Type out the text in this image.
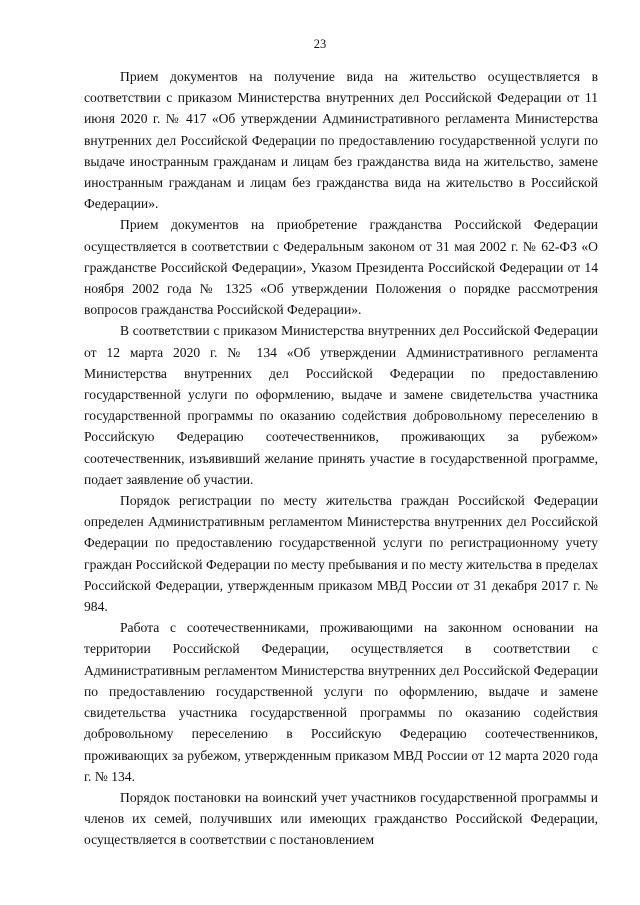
23

Прием документов на получение вида на жительство осуществляется в соответствии с приказом Министерства внутренних дел Российской Федерации от 11 июня 2020 г. № 417 «Об утверждении Административного регламента Министерства внутренних дел Российской Федерации по предоставлению государственной услуги по выдаче иностранным гражданам и лицам без гражданства вида на жительство, замене иностранным гражданам и лицам без гражданства вида на жительство в Российской Федерации».

Прием документов на приобретение гражданства Российской Федерации осуществляется в соответствии с Федеральным законом от 31 мая 2002 г. № 62-ФЗ «О гражданстве Российской Федерации», Указом Президента Российской Федерации от 14 ноября 2002 года № 1325 «Об утверждении Положения о порядке рассмотрения вопросов гражданства Российской Федерации».

В соответствии с приказом Министерства внутренних дел Российской Федерации от 12 марта 2020 г. № 134 «Об утверждении Административного регламента Министерства внутренних дел Российской Федерации по предоставлению государственной услуги по оформлению, выдаче и замене свидетельства участника государственной программы по оказанию содействия добровольному переселению в Российскую Федерацию соотечественников, проживающих за рубежом» соотечественник, изъявивший желание принять участие в государственной программе, подает заявление об участии.

Порядок регистрации по месту жительства граждан Российской Федерации определен Административным регламентом Министерства внутренних дел Российской Федерации по предоставлению государственной услуги по регистрационному учету граждан Российской Федерации по месту пребывания и по месту жительства в пределах Российской Федерации, утвержденным приказом МВД России от 31 декабря 2017 г. № 984.

Работа с соотечественниками, проживающими на законном основании на территории Российской Федерации, осуществляется в соответствии с Административным регламентом Министерства внутренних дел Российской Федерации по предоставлению государственной услуги по оформлению, выдаче и замене свидетельства участника государственной программы по оказанию содействия добровольному переселению в Российскую Федерацию соотечественников, проживающих за рубежом, утвержденным приказом МВД России от 12 марта 2020 года г. № 134.

Порядок постановки на воинский учет участников государственной программы и членов их семей, получивших или имеющих гражданство Российской Федерации, осуществляется в соответствии с постановлением
